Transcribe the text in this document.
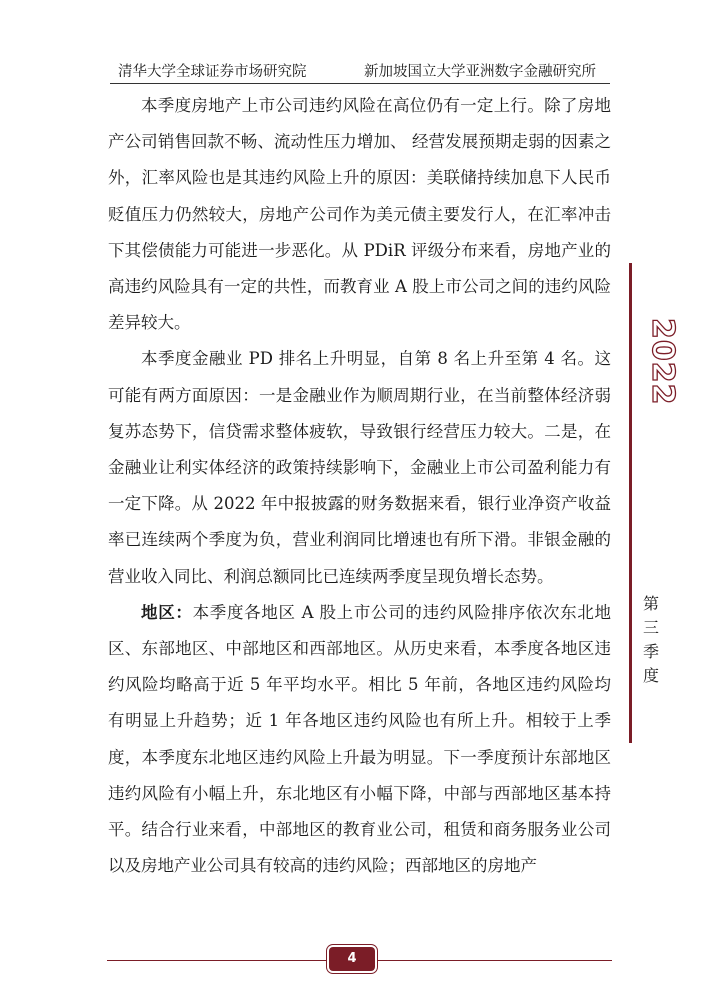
清华大学全球证券市场研究院	新加坡国立大学亚洲数字金融研究所

本季度房地产上市公司违约风险在高位仍有一定上行。除了房地产公司销售回款不畅、流动性压力增加、 经营发展预期走弱的因素之外，汇率风险也是其违约风险上升的原因：美联储持续加息下人民币贬值压力仍然较大，房地产公司作为美元债主要发行人，在汇率冲击下其偿债能力可能进一步恶化。从 PDiR 评级分布来看，房地产业的高违约风险具有一定的共性，而教育业 A 股上市公司之间的违约风险差异较大。

本季度金融业 PD 排名上升明显，自第 8 名上升至第 4 名。这可能有两方面原因：一是金融业作为顺周期行业，在当前整体经济弱复苏态势下，信贷需求整体疲软，导致银行经营压力较大。二是，在金融业让利实体经济的政策持续影响下，金融业上市公司盈利能力有一定下降。从 2022 年中报披露的财务数据来看，银行业净资产收益率已连续两个季度为负，营业利润同比增速也有所下滑。非银金融的营业收入同比、利润总额同比已连续两季度呈现负增长态势。

地区：本季度各地区 A 股上市公司的违约风险排序依次东北地区、东部地区、中部地区和西部地区。从历史来看，本季度各地区违约风险均略高于近 5 年平均水平。相比 5 年前，各地区违约风险均有明显上升趋势；近 1 年各地区违约风险也有所上升。相较于上季度，本季度东北地区违约风险上升最为明显。下一季度预计东部地区违约风险有小幅上升，东北地区有小幅下降，中部与西部地区基本持平。结合行业来看，中部地区的教育业公司，租赁和商务服务业公司以及房地产业公司具有较高的违约风险；西部地区的房地产

2022
第
三
季
度
4
